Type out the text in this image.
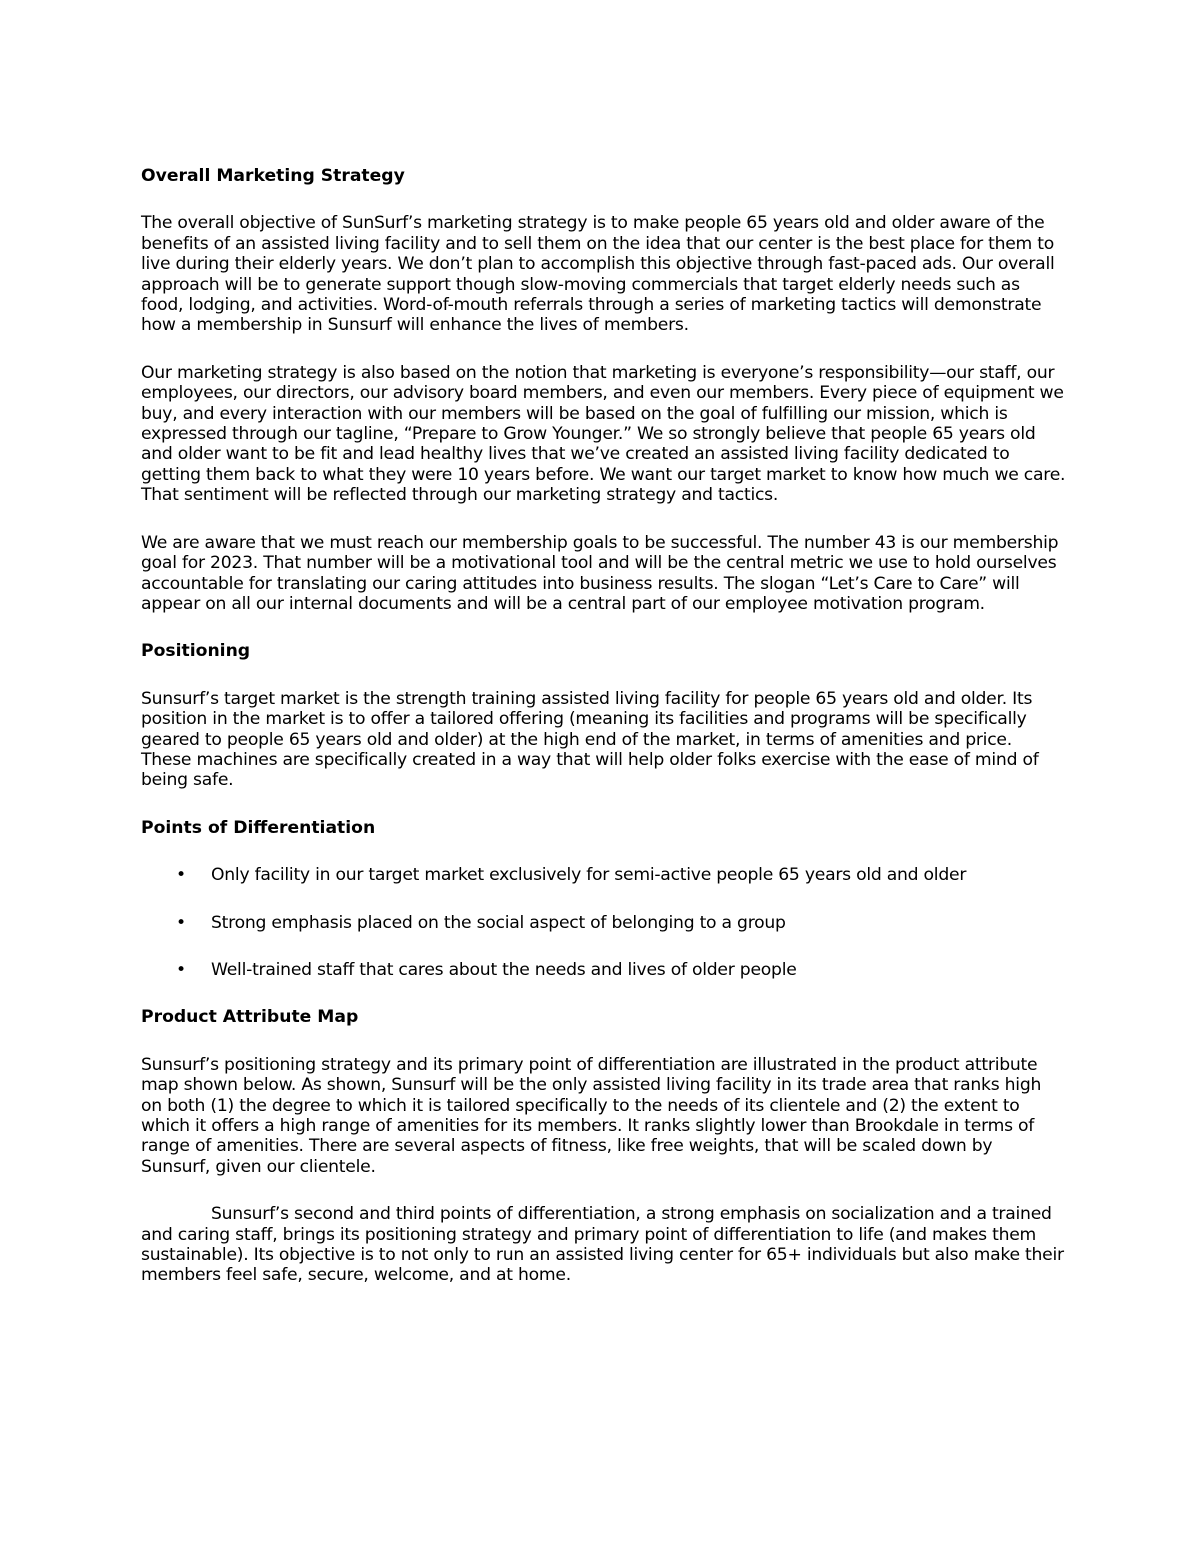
Overall Marketing Strategy

The overall objective of SunSurf’s marketing strategy is to make people 65 years old and older aware of the benefits of an assisted living facility and to sell them on the idea that our center is the best place for them to live during their elderly years. We don’t plan to accomplish this objective through fast-paced ads. Our overall approach will be to generate support though slow-moving commercials that target elderly needs such as food, lodging, and activities. Word-of-mouth referrals through a series of marketing tactics will demonstrate how a membership in Sunsurf will enhance the lives of members.

Our marketing strategy is also based on the notion that marketing is everyone’s responsibility—our staff, our employees, our directors, our advisory board members, and even our members. Every piece of equipment we buy, and every interaction with our members will be based on the goal of fulfilling our mission, which is expressed through our tagline, “Prepare to Grow Younger.” We so strongly believe that people 65 years old and older want to be fit and lead healthy lives that we’ve created an assisted living facility dedicated to getting them back to what they were 10 years before. We want our target market to know how much we care. That sentiment will be reflected through our marketing strategy and tactics.

We are aware that we must reach our membership goals to be successful. The number 43 is our membership goal for 2023. That number will be a motivational tool and will be the central metric we use to hold ourselves accountable for translating our caring attitudes into business results. The slogan “Let’s Care to Care” will appear on all our internal documents and will be a central part of our employee motivation program.

Positioning

Sunsurf’s target market is the strength training assisted living facility for people 65 years old and older. Its position in the market is to offer a tailored offering (meaning its facilities and programs will be specifically geared to people 65 years old and older) at the high end of the market, in terms of amenities and price. These machines are specifically created in a way that will help older folks exercise with the ease of mind of being safe.

Points of Differentiation
• Only facility in our target market exclusively for semi-active people 65 years old and older
• Strong emphasis placed on the social aspect of belonging to a group
• Well-trained staff that cares about the needs and lives of older people
Product Attribute Map

Sunsurf’s positioning strategy and its primary point of differentiation are illustrated in the product attribute map shown below. As shown, Sunsurf will be the only assisted living facility in its trade area that ranks high on both (1) the degree to which it is tailored specifically to the needs of its clientele and (2) the extent to which it offers a high range of amenities for its members. It ranks slightly lower than Brookdale in terms of range of amenities. There are several aspects of fitness, like free weights, that will be scaled down by Sunsurf, given our clientele.

Sunsurf’s second and third points of differentiation, a strong emphasis on socialization and a trained and caring staff, brings its positioning strategy and primary point of differentiation to life (and makes them sustainable). Its objective is to not only to run an assisted living center for 65+ individuals but also make their members feel safe, secure, welcome, and at home.
